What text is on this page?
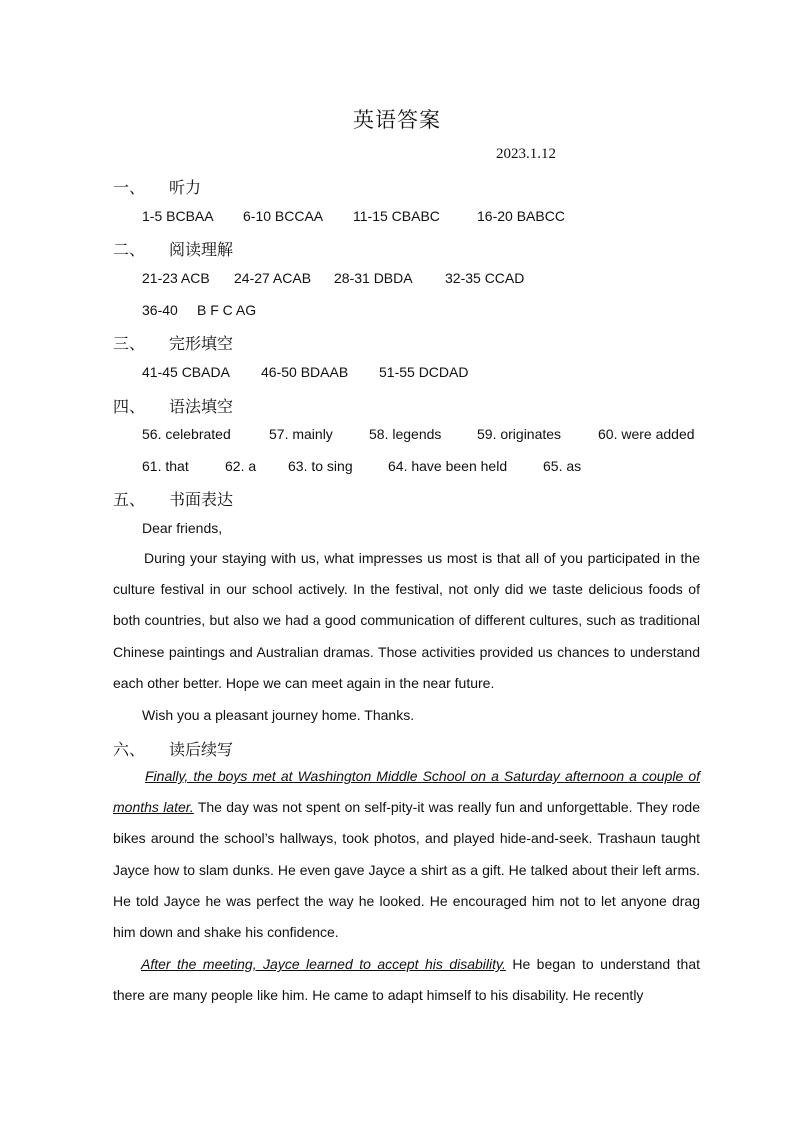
英语答案
2023.1.12
一、 听力
1-5 BCBAA 6-10 BCCAA 11-15 CBABC	16-20 BABCC
二、 阅读理解
21-23 ACB 24-27 ACAB 28-31 DBDA 32-35 CCAD
36-40 B F C AG
三、 完形填空
41-45 CBADA 46-50 BDAAB 51-55 DCDAD
四、 语法填空
56. celebrated	57. mainly	58. legends	59. originates	60. were added
61. that	62. a 63. to sing	64. have been held	65. as
五、 书面表达
Dear friends,
During your staying with us, what impresses us most is that all of you participated in the culture festival in our school actively. In the festival, not only did we taste delicious foods of both countries, but also we had a good communication of different cultures, such as traditional Chinese paintings and Australian dramas. Those activities provided us chances to understand each other better. Hope we can meet again in the near future.
Wish you a pleasant journey home. Thanks.
六、 读后续写
Finally, the boys met at Washington Middle School on a Saturday afternoon a couple of months later. The day was not spent on self-pity-it was really fun and unforgettable. They rode bikes around the school’s hallways, took photos, and played hide-and-seek. Trashaun taught Jayce how to slam dunks. He even gave Jayce a shirt as a gift. He talked about their left arms. He told Jayce he was perfect the way he looked. He encouraged him not to let anyone drag him down and shake his confidence.
After the meeting, Jayce learned to accept his disability. He began to understand that there are many people like him. He came to adapt himself to his disability. He recently
